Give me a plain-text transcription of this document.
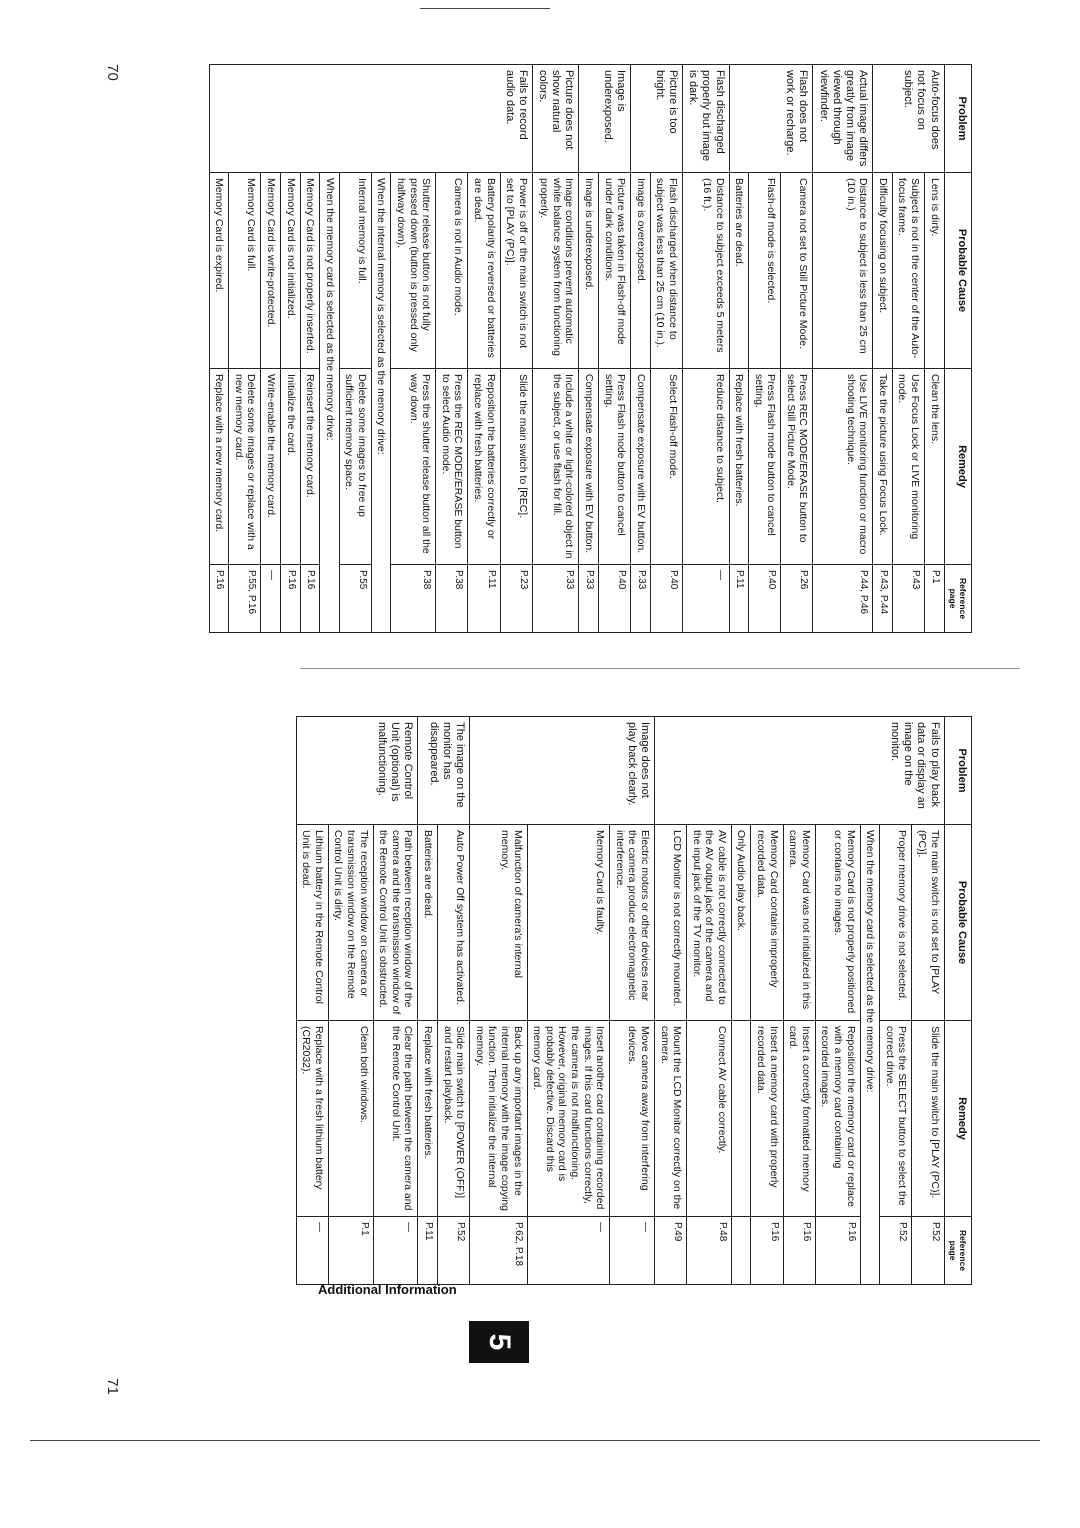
70
71
5
Additional Information
Problem	Probable Cause	Remedy	Reference page
Auto-focus does not focus on subject.	Lens is dirty.	Clean the lens.	P.1
	Subject is not in the center of the Auto-focus frame.	Use Focus Lock or LIVE monitoring mode.	P.43
	Difficulty focusing on subject.	Take the picture using Focus Lock.	P.43, P.44
Actual image differs greatly from image viewed through viewfinder.	Distance to subject is less than 25 cm (10 in.)	Use LIVE monitoring function or macro shooting technique.	P.44, P.46
Flash does not work or recharge.	Camera not set to Still Picture Mode.	Press REC MODE/ERASE button to select Still Picture Mode.	P.26
	Flash-off mode is selected.	Press Flash mode button to cancel setting.	P.40
	Batteries are dead.	Replace with fresh batteries.	P.11
Flash discharged properly but image is dark.	Distance to subject exceeds 5 meters (16 ft.).	Reduce distance to subject.	—
Picture is too bright.	Flash discharged when distance to subject was less than 25 cm (10 in.).	Select Flash-off mode.	P.40
	Image is overexposed.	Compensate exposure with EV button.	P.33
Image is underexposed.	Picture was taken in Flash-off mode under dark conditions.	Press Flash mode button to cancel setting.	P.40
	Image is underexposed.	Compensate exposure with EV button.	P.33
Picture does not show natural colors.	Image conditions prevent automatic white balance system from functioning properly.	Include a white or light-colored object in the subject, or use flash for fill.	P.33
Fails to record audio data.	Power is off or the main switch is not set to [PLAY (PC)].	Slide the main switch to [REC].	P.23
	Battery polarity is reversed or batteries are dead.	Reposition the batteries correctly or replace with fresh batteries.	P.11
	Camera is not in Audio mode.	Press the REC MODE/ERASE button to select Audio mode.	P.38
	Shutter release button is not fully pressed down (button is pressed only halfway down).	Press the shutter release button all the way down.	P.38
	When the internal memory is selected as the memory drive:		
	Internal memory is full.	Delete some images to free up sufficient memory space.	P.55
	When the memory card is selected as the memory drive:		
	Memory Card is not properly inserted.	Reinsert the memory card.	P.16
	Memory Card is not initialized.	Initialize the card.	P.16
	Memory Card is write-protected.	Write-enable the memory card.	—
	Memory Card is full.	Delete some images or replace with a new memory card.	P.55, P.16
	Memory Card is expired.	Replace with a new memory card.	P.16
Problem	Probable Cause	Remedy	Reference page
Fails to play back data or display an image on the monitor.	The main switch is not set to [PLAY (PC)].	Slide the main switch to [PLAY (PC)].	P.52
	Proper memory drive is not selected.	Press the SELECT button to select the correct drive.	P.52
	When the memory card is selected as the memory drive:		
	Memory Card is not properly positioned or contains no images.	Reposition the memory card or replace with a memory card containing recorded images.	P.16
	Memory Card was not initialized in this camera.	Insert a correctly formatted memory card.	P.16
	Memory Card contains improperly recorded data.	Insert a memory card with properly recorded data.	P.16
	Only Audio play back.		
	AV cable is not correctly connected to the AV output jack of the camera and the input jack of the TV monitor.	Connect AV cable correctly.	P.48
	LCD Monitor is not correctly mounted.	Mount the LCD Monitor correctly on the camera.	P.49
Image does not play back clearly.	Electric motors or other devices near the camera produce electromagnetic interference.	Move camera away from interfering devices.	—
	Memory Card is faulty.	Insert another card containing recorded images. If this card functions correctly, the camera is not malfunctioning. However, original memory card is probably defective. Discard this memory card.	—
	Malfunction of camera's internal memory.	Back up any important images in the internal memory with the image copying function. Then initialize the internal memory.	P.62, P.18
The image on the monitor has disappeared.	Auto Power Off system has activated.	Slide main switch to [POWER (OFF)] and restart playback.	P.52
	Batteries are dead.	Replace with fresh batteries.	P.11
Remote Control Unit (optional) is malfunctioning.	Path between reception window of the camera and the transmission window of the Remote Control Unit is obstructed.	Clear the path between the camera and the Remote Control Unit.	—
	The reception window on camera or transmission window on the Remote Control Unit is dirty.	Clean both windows.	P.1
	Lithium battery in the Remote Control Unit is dead.	Replace with a fresh lithium battery (CR2032).	—
